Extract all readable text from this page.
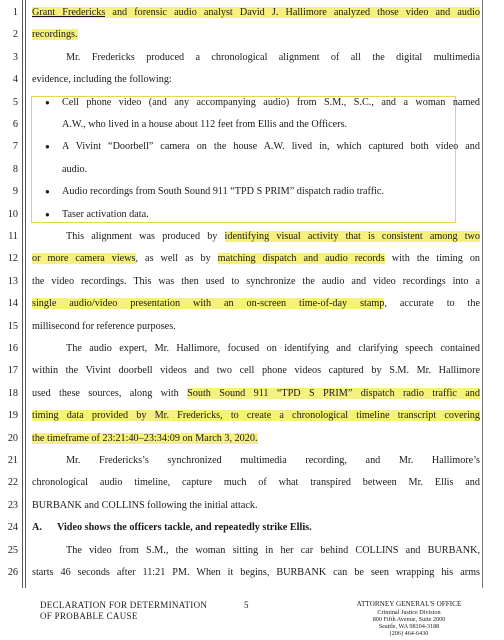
1 Grant Fredericks and forensic audio analyst David J. Hallimore analyzed those video and audio
2 recordings.
3	Mr. Fredericks produced a chronological alignment of all the digital multimedia
4 evidence, including the following:
5	● Cell phone video (and any accompanying audio) from S.M., S.C., and a woman named
6	A.W., who lived in a house about 112 feet from Ellis and the Officers.
7	● A Vivint “Doorbell” camera on the house A.W. lived in, which captured both video and
8	audio.
9	● Audio recordings from South Sound 911 “TPD S PRIM” dispatch radio traffic.
10	● Taser activation data.
11	This alignment was produced by identifying visual activity that is consistent among two
12 or more camera views, as well as by matching dispatch and audio records with the timing on
13 the video recordings. This was then used to synchronize the audio and video recordings into a
14 single audio/video presentation with an on-screen time-of-day stamp, accurate to the
15 millisecond for reference purposes.
16	The audio expert, Mr. Hallimore, focused on identifying and clarifying speech contained
17 within the Vivint doorbell videos and two cell phone videos captured by S.M. Mr. Hallimore
18 used these sources, along with South Sound 911 “TPD S PRIM” dispatch radio traffic and
19 timing data provided by Mr. Fredericks, to create a chronological timeline transcript covering
20 the timeframe of 23:21:40–23:34:09 on March 3, 2020.
21	Mr. Fredericks’s synchronized multimedia recording, and Mr. Hallimore’s
22 chronological audio timeline, capture much of what transpired between Mr. Ellis and
23 BURBANK and COLLINS following the initial attack.
24 A.      Video shows the officers tackle, and repeatedly strike Ellis.
25	The video from S.M., the woman sitting in her car behind COLLINS and BURBANK,
26 starts 46 seconds after 11:21 PM. When it begins, BURBANK can be seen wrapping his arms
DECLARATION FOR DETERMINATION
OF PROBABLE CAUSE
5	ATTORNEY GENERAL'S OFFICE
Criminal Justice Division
800 Fifth Avenue, Suite 2000
Seattle, WA 98104-3188
(206) 464-6430
